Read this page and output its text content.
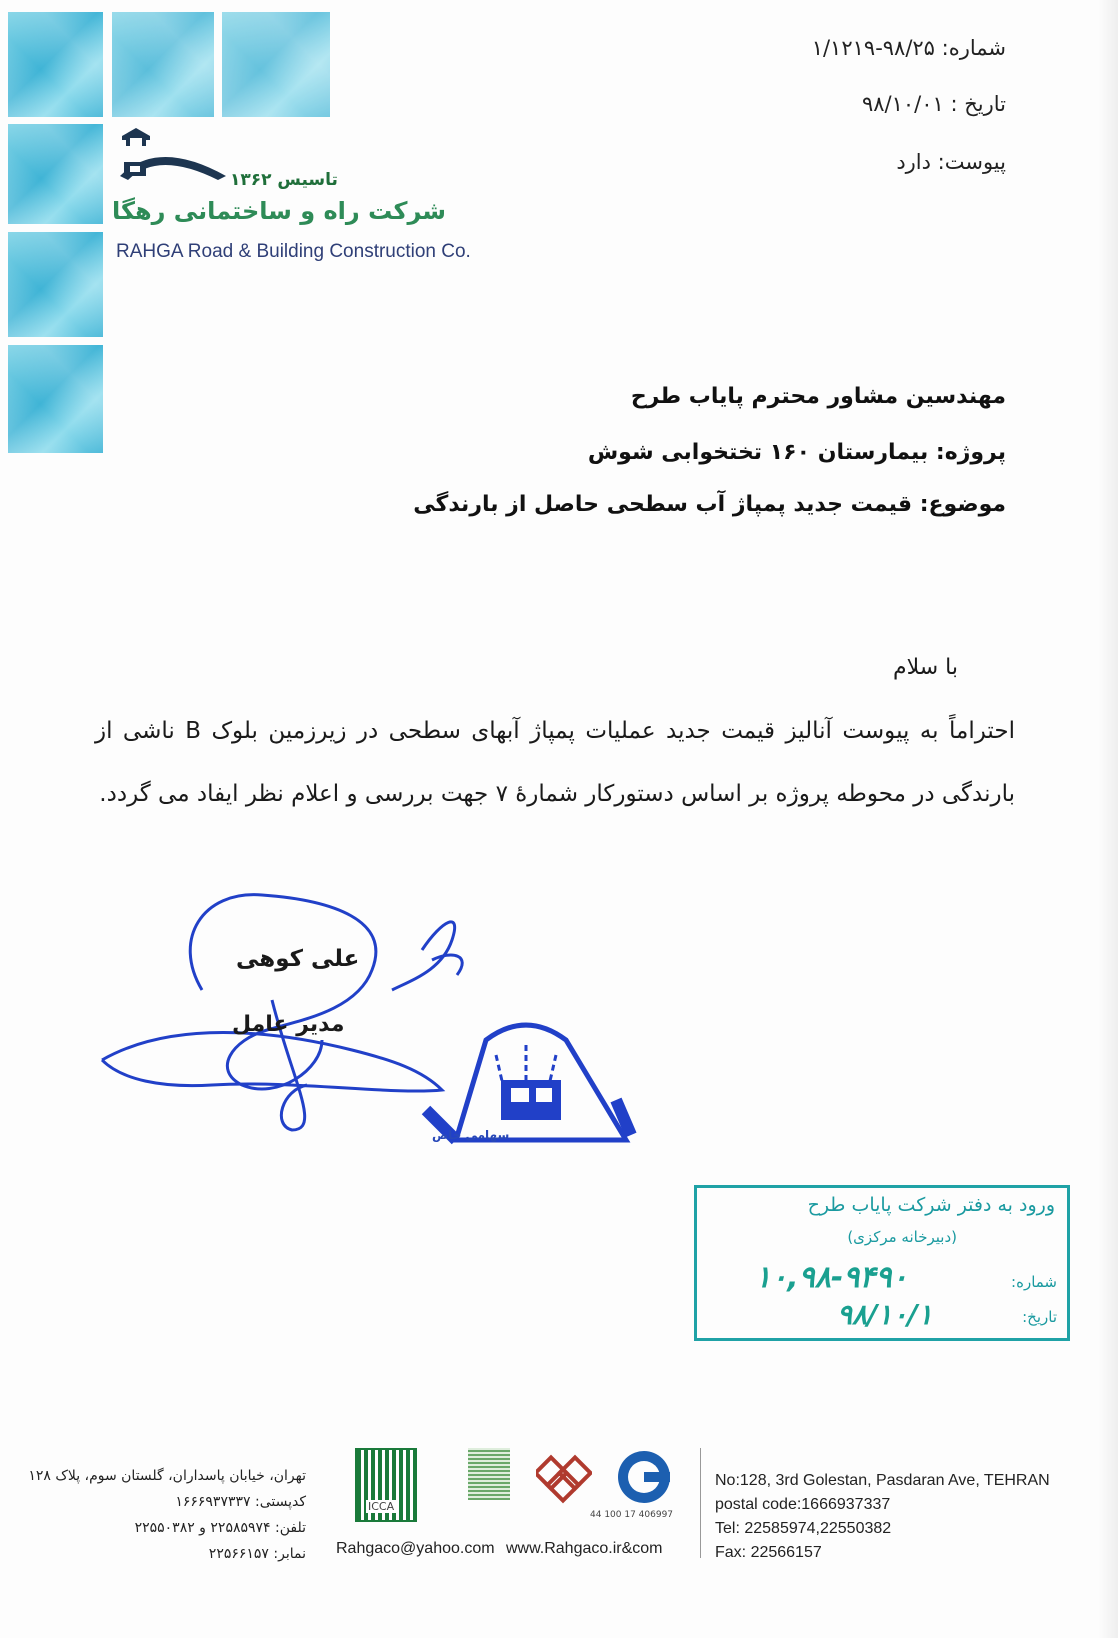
تاسیس ۱۳۶۲
شرکت راه و ساختمانی رهگا
RAHGA Road & Building Construction Co.
شماره: ۹۸/۲۵-۱/۱۲۱۹
تاریخ : ۹۸/۱۰/۰۱
پیوست: دارد
مهندسین مشاور محترم پایاب طرح
پروژه: بیمارستان ۱۶۰ تختخوابی شوش
موضوع: قیمت جدید پمپاژ آب سطحی حاصل از بارندگی
با سلام
احتراماً به پیوست آنالیز قیمت جدید عملیات پمپاژ آبهای سطحی در زیرزمین بلوک B ناشی از بارندگی در محوطه پروژه بر اساس دستورکار شمارهٔ ۷ جهت بررسی و اعلام نظر ایفاد می گردد.
سهامی خاص
علی کوهی
مدیر عامل
ورود به دفتر شرکت پایاب طرح
(دبیرخانه مرکزی)
شماره:
۱۰,۹۸-۹۴۹۰
تاریخ:
۹۸/۱۰/۱
تهران، خیابان پاسداران، گلستان سوم، پلاک ۱۲۸
کدپستی: ۱۶۶۶۹۳۷۳۳۷
تلفن: ۲۲۵۸۵۹۷۴ و ۲۲۵۵۰۳۸۲
نمابر: ۲۲۵۶۶۱۵۷
ICCA
44 100 17 406997
Rahgaco@yahoo.com www.Rahgaco.ir&com
No:128, 3rd Golestan, Pasdaran Ave, TEHRAN
postal code:1666937337
Tel: 22585974,22550382
Fax: 22566157
